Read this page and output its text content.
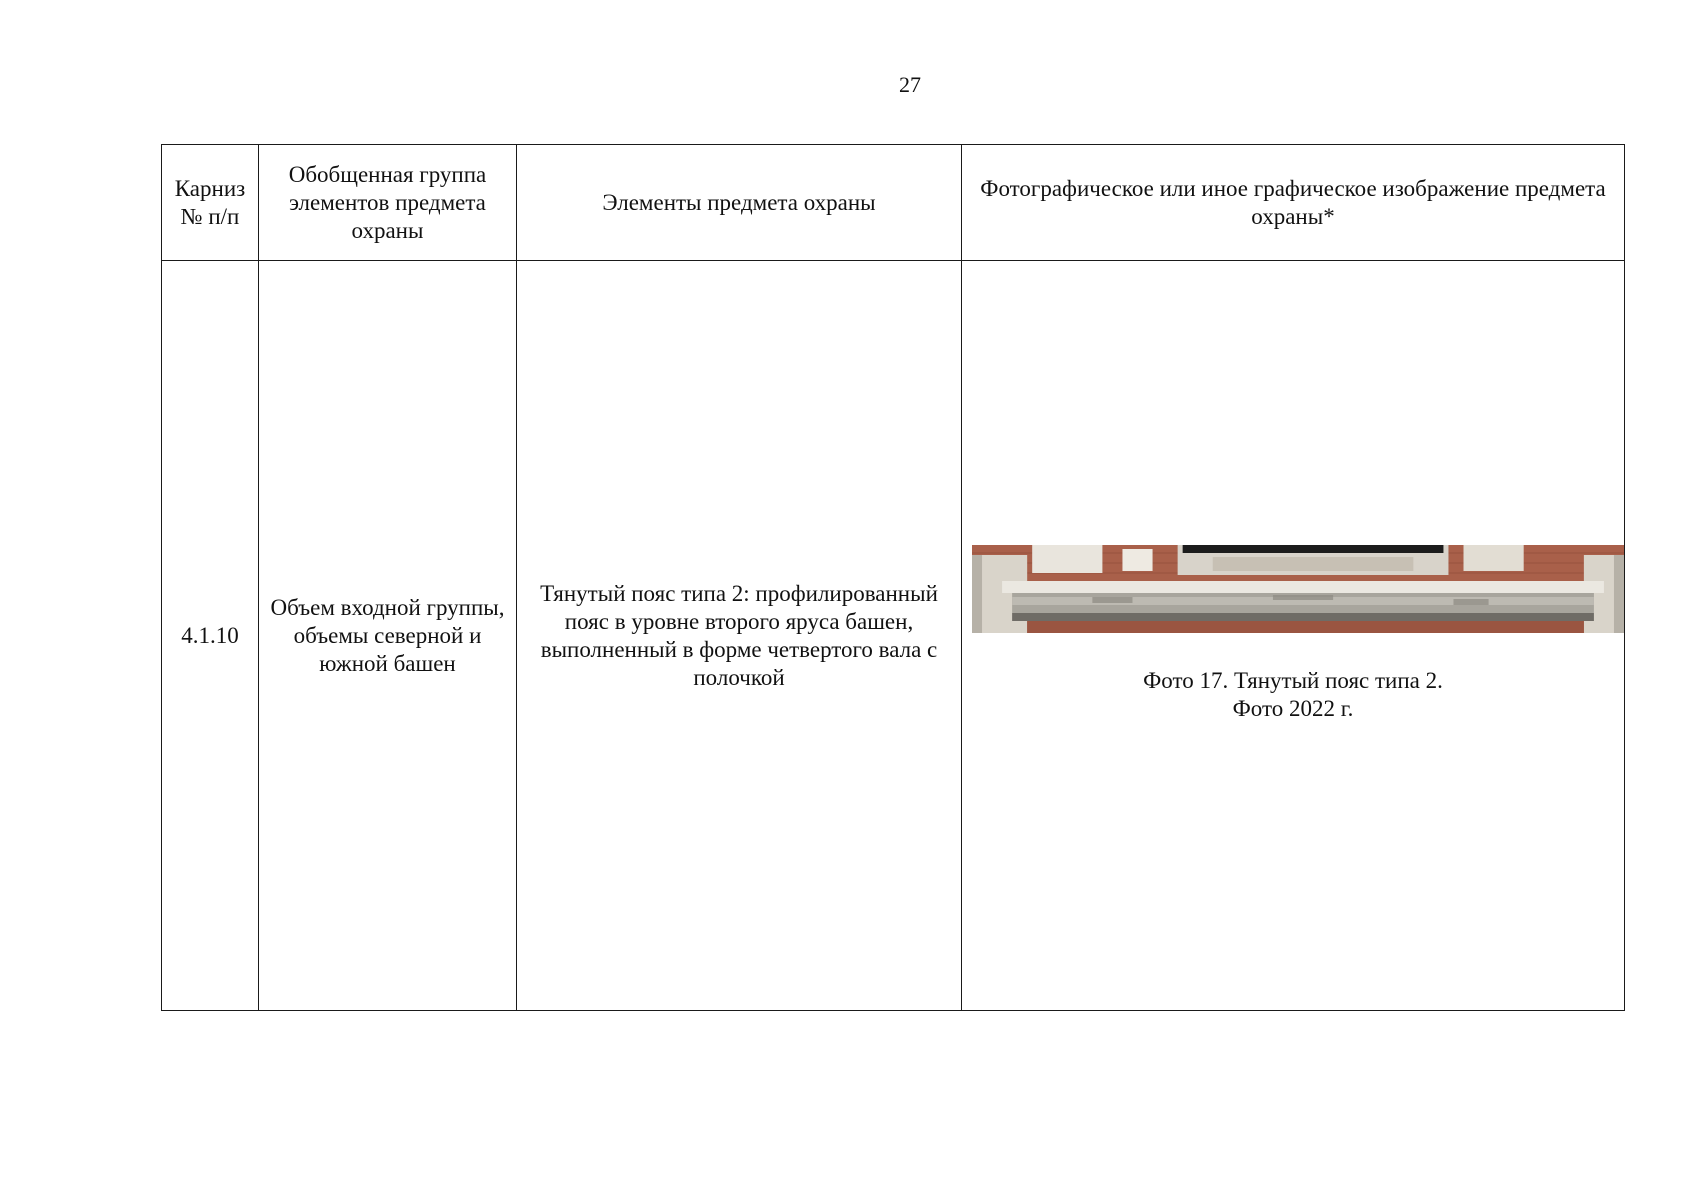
27
Карниз
№ п/п	Обобщенная группа элементов предмета охраны	Элементы предмета охраны	Фотографическое или иное графическое изображение предмета охраны*
4.1.10	Объем входной группы, объемы северной и южной башен	Тянутый пояс типа 2: профилированный пояс в уровне второго яруса башен, выполненный в форме четвертого вала с полочкой	Фото 17. Тянутый пояс типа 2.
Фото 2022 г.
